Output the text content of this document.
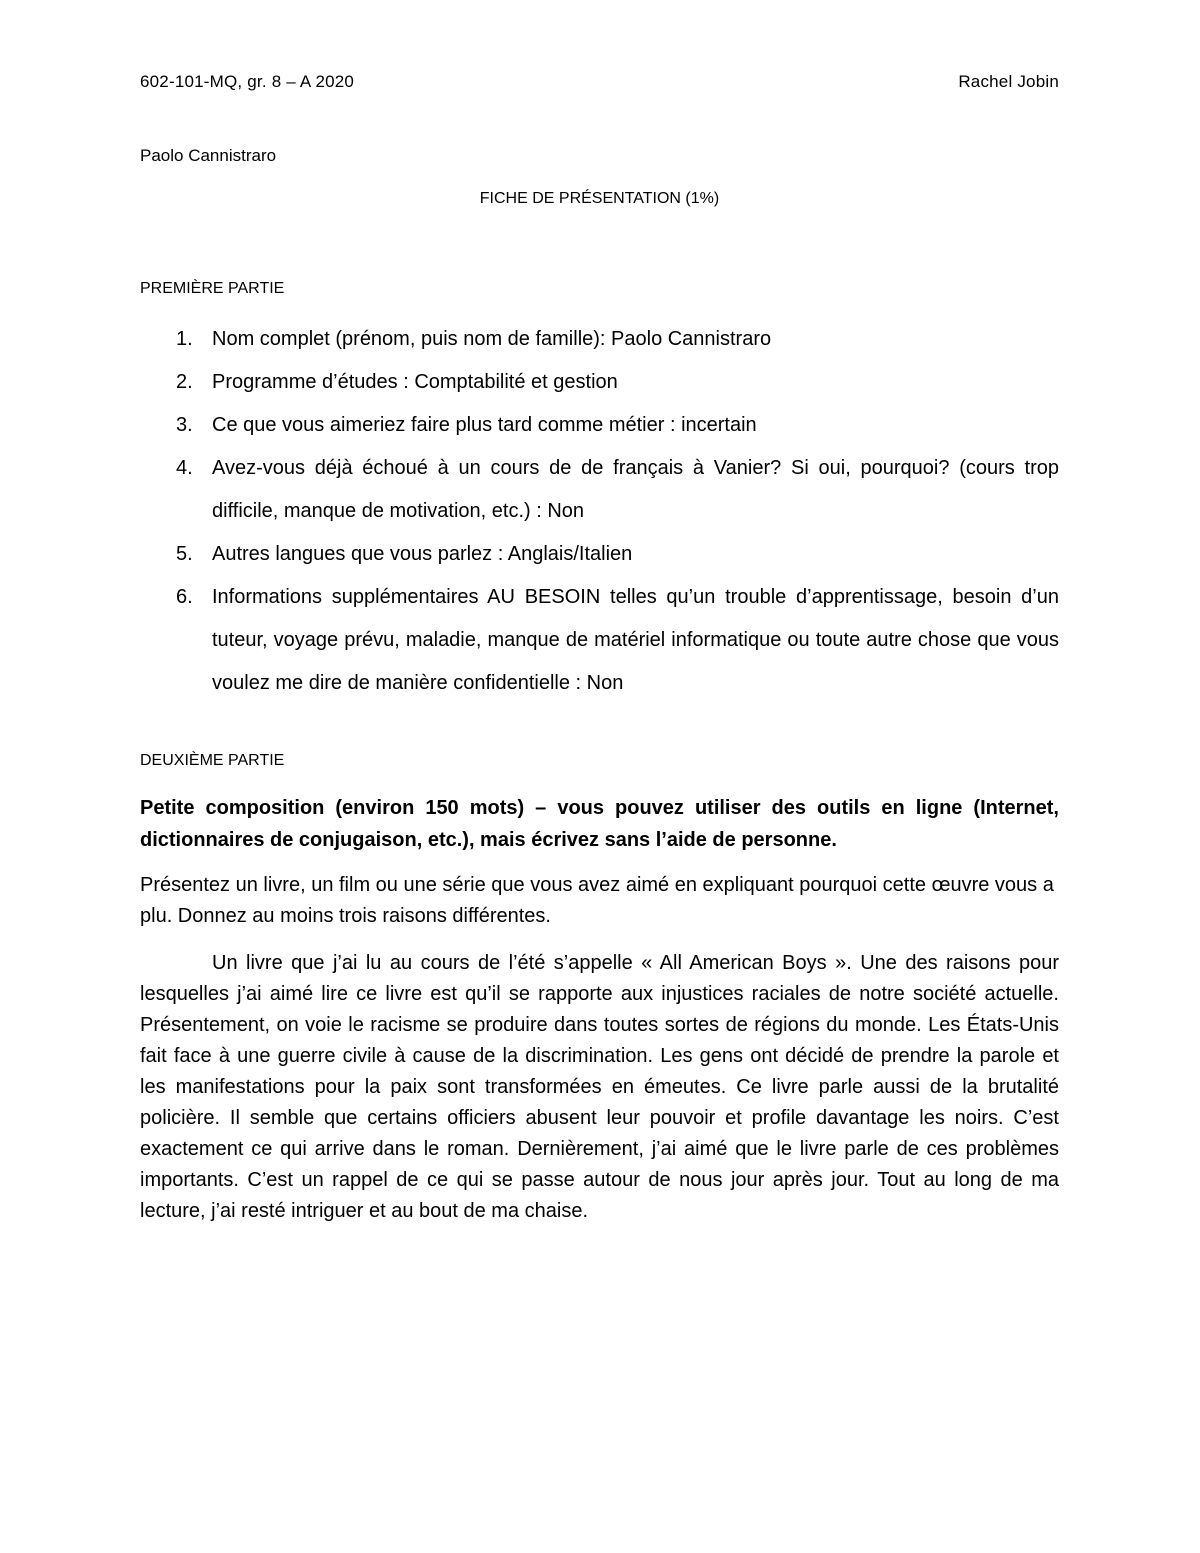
602-101-MQ, gr. 8 – A 2020	Rachel Jobin
Paolo Cannistraro
FICHE DE PRÉSENTATION (1%)
PREMIÈRE PARTIE
1. Nom complet (prénom, puis nom de famille): Paolo Cannistraro
2. Programme d’études : Comptabilité et gestion
3. Ce que vous aimeriez faire plus tard comme métier : incertain
4. Avez-vous déjà échoué à un cours de de français à Vanier? Si oui, pourquoi? (cours trop difficile, manque de motivation, etc.) : Non
5. Autres langues que vous parlez : Anglais/Italien
6. Informations supplémentaires AU BESOIN telles qu’un trouble d’apprentissage, besoin d’un tuteur, voyage prévu, maladie, manque de matériel informatique ou toute autre chose que vous voulez me dire de manière confidentielle : Non
DEUXIÈME PARTIE
Petite composition (environ 150 mots) – vous pouvez utiliser des outils en ligne (Internet, dictionnaires de conjugaison, etc.), mais écrivez sans l’aide de personne.
Présentez un livre, un film ou une série que vous avez aimé en expliquant pourquoi cette œuvre vous a plu. Donnez au moins trois raisons différentes.

Un livre que j’ai lu au cours de l’été s’appelle « All American Boys ». Une des raisons pour lesquelles j’ai aimé lire ce livre est qu’il se rapporte aux injustices raciales de notre société actuelle. Présentement, on voie le racisme se produire dans toutes sortes de régions du monde. Les États-Unis fait face à une guerre civile à cause de la discrimination. Les gens ont décidé de prendre la parole et les manifestations pour la paix sont transformées en émeutes. Ce livre parle aussi de la brutalité policière. Il semble que certains officiers abusent leur pouvoir et profile davantage les noirs. C’est exactement ce qui arrive dans le roman. Dernièrement, j’ai aimé que le livre parle de ces problèmes importants. C’est un rappel de ce qui se passe autour de nous jour après jour. Tout au long de ma lecture, j’ai resté intriguer et au bout de ma chaise.
